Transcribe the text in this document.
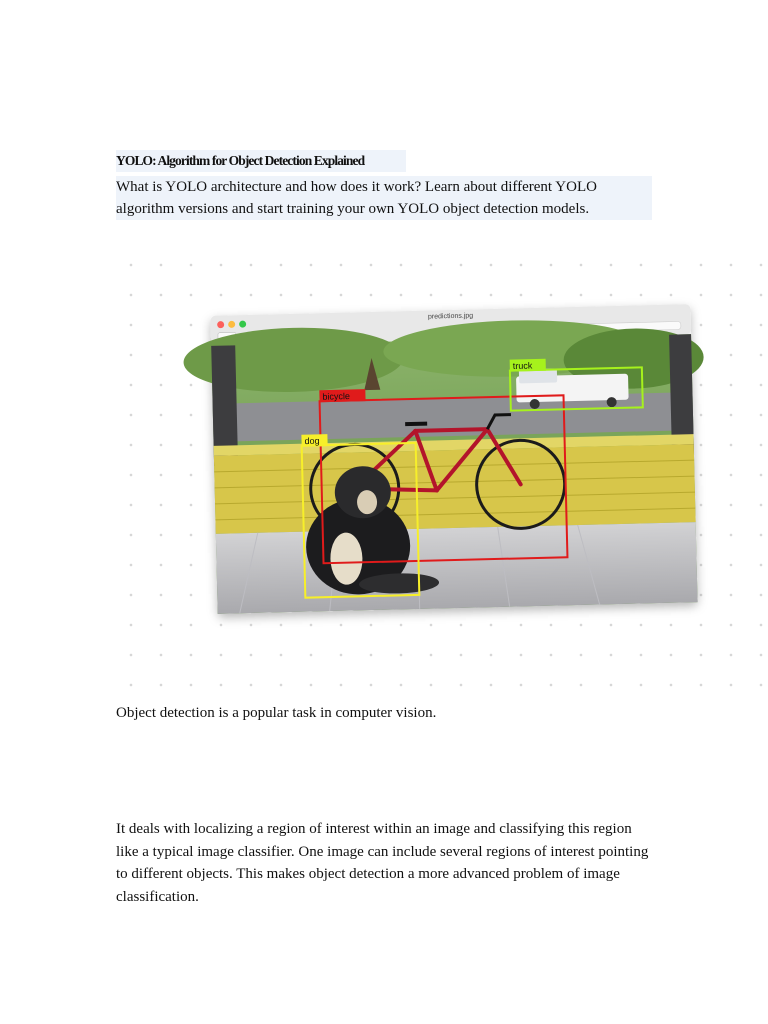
YOLO: Algorithm for Object Detection Explained
What is YOLO architecture and how does it work? Learn about different YOLO algorithm versions and start training your own YOLO object detection models.
predictions.jpg
bicycle
truck
dog
Object detection is a popular task in computer vision.
It deals with localizing a region of interest within an image and classifying this region like a typical image classifier. One image can include several regions of interest pointing to different objects. This makes object detection a more advanced problem of image classification.
